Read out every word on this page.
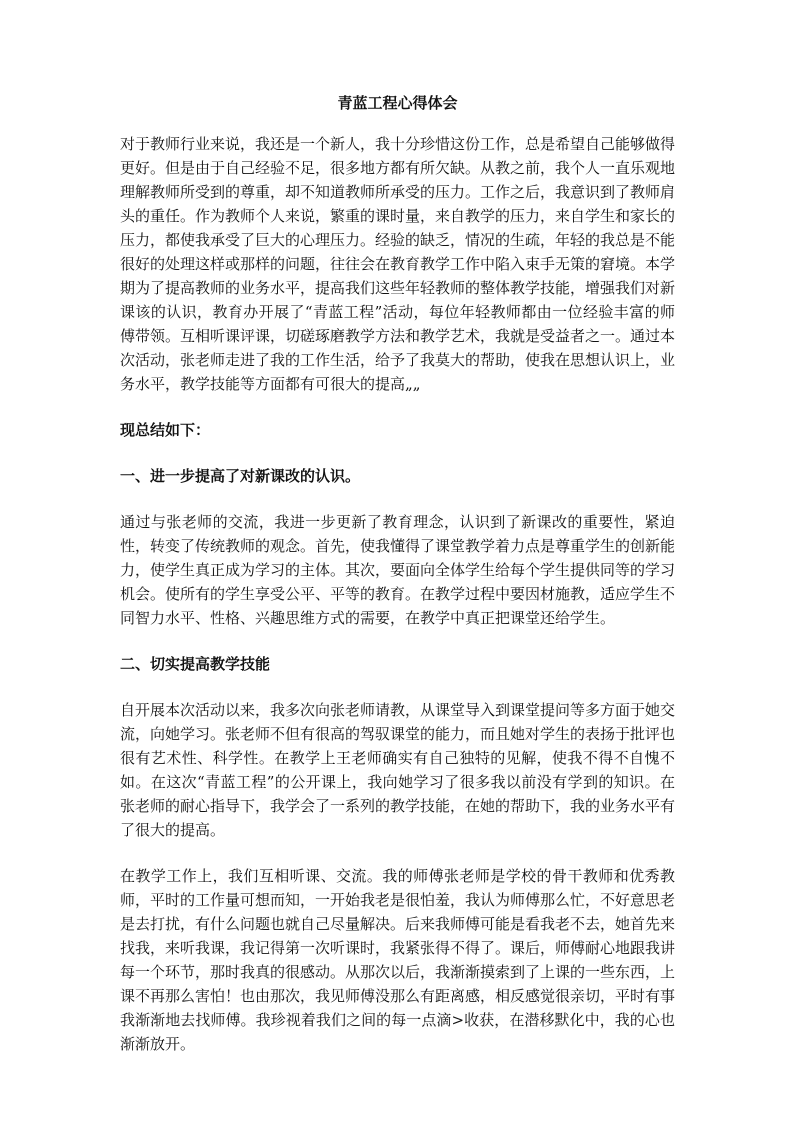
青蓝工程心得体会

对于教师行业来说，我还是一个新人，我十分珍惜这份工作，总是希望自己能够做得更好。但是由于自己经验不足，很多地方都有所欠缺。从教之前，我个人一直乐观地理解教师所受到的尊重，却不知道教师所承受的压力。工作之后，我意识到了教师肩头的重任。作为教师个人来说，繁重的课时量，来自教学的压力，来自学生和家长的压力，都使我承受了巨大的心理压力。经验的缺乏，情况的生疏，年轻的我总是不能很好的处理这样或那样的问题，往往会在教育教学工作中陷入束手无策的窘境。本学期为了提高教师的业务水平，提高我们这些年轻教师的整体教学技能，增强我们对新课该的认识，教育办开展了“青蓝工程”活动，每位年轻教师都由一位经验丰富的师傅带领。互相听课评课，切磋琢磨教学方法和教学艺术，我就是受益者之一。通过本次活动，张老师走进了我的工作生活，给予了我莫大的帮助，使我在思想认识上，业务水平，教学技能等方面都有可很大的提高„„

现总结如下：
一、进一步提高了对新课改的认识。

通过与张老师的交流，我进一步更新了教育理念，认识到了新课改的重要性，紧迫性，转变了传统教师的观念。首先，使我懂得了课堂教学着力点是尊重学生的创新能力，使学生真正成为学习的主体。其次，要面向全体学生给每个学生提供同等的学习机会。使所有的学生享受公平、平等的教育。在教学过程中要因材施教，适应学生不同智力水平、性格、兴趣思维方式的需要，在教学中真正把课堂还给学生。

二、切实提高教学技能

自开展本次活动以来，我多次向张老师请教，从课堂导入到课堂提问等多方面于她交流，向她学习。张老师不但有很高的驾驭课堂的能力，而且她对学生的表扬于批评也很有艺术性、科学性。在教学上王老师确实有自己独特的见解，使我不得不自愧不如。在这次“青蓝工程”的公开课上，我向她学习了很多我以前没有学到的知识。在张老师的耐心指导下，我学会了一系列的教学技能，在她的帮助下，我的业务水平有了很大的提高。

在教学工作上，我们互相听课、交流。我的师傅张老师是学校的骨干教师和优秀教师，平时的工作量可想而知，一开始我老是很怕羞，我认为师傅那么忙，不好意思老是去打扰，有什么问题也就自己尽量解决。后来我师傅可能是看我老不去，她首先来找我，来听我课，我记得第一次听课时，我紧张得不得了。课后，师傅耐心地跟我讲每一个环节，那时我真的很感动。从那次以后，我渐渐摸索到了上课的一些东西，上课不再那么害怕！也由那次，我见师傅没那么有距离感，相反感觉很亲切，平时有事我渐渐地去找师傅。我珍视着我们之间的每一点滴>收获，在潜移默化中，我的心也渐渐放开。
